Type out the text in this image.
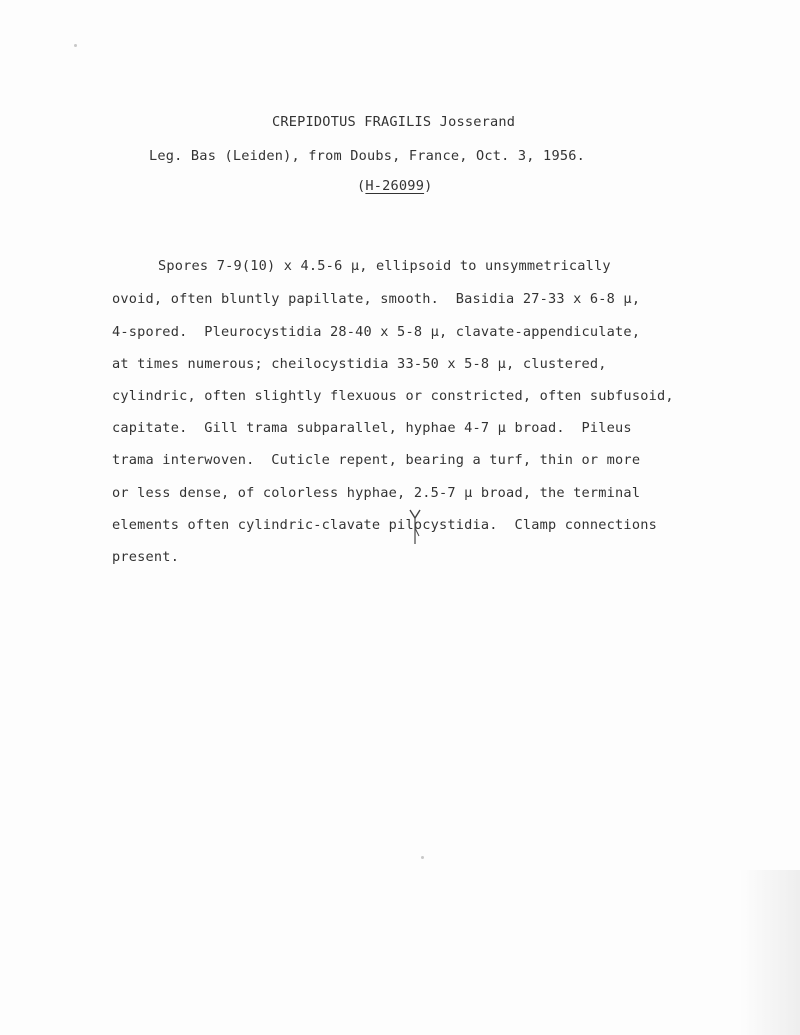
CREPIDOTUS FRAGILIS Josserand
Leg. Bas (Leiden), from Doubs, France, Oct. 3, 1956.
(H-26099)
Spores 7-9(10) x 4.5-6 µ, ellipsoid to unsymmetrically
ovoid, often bluntly papillate, smooth.  Basidia 27-33 x 6-8 µ,
4-spored.  Pleurocystidia 28-40 x 5-8 µ, clavate-appendiculate,
at times numerous; cheilocystidia 33-50 x 5-8 µ, clustered,
cylindric, often slightly flexuous or constricted, often subfusoid,
capitate.  Gill trama subparallel, hyphae 4-7 µ broad.  Pileus
trama interwoven.  Cuticle repent, bearing a turf, thin or more
or less dense, of colorless hyphae, 2.5-7 µ broad, the terminal
elements often cylindric-clavate pilocystidia.  Clamp connections
present.
